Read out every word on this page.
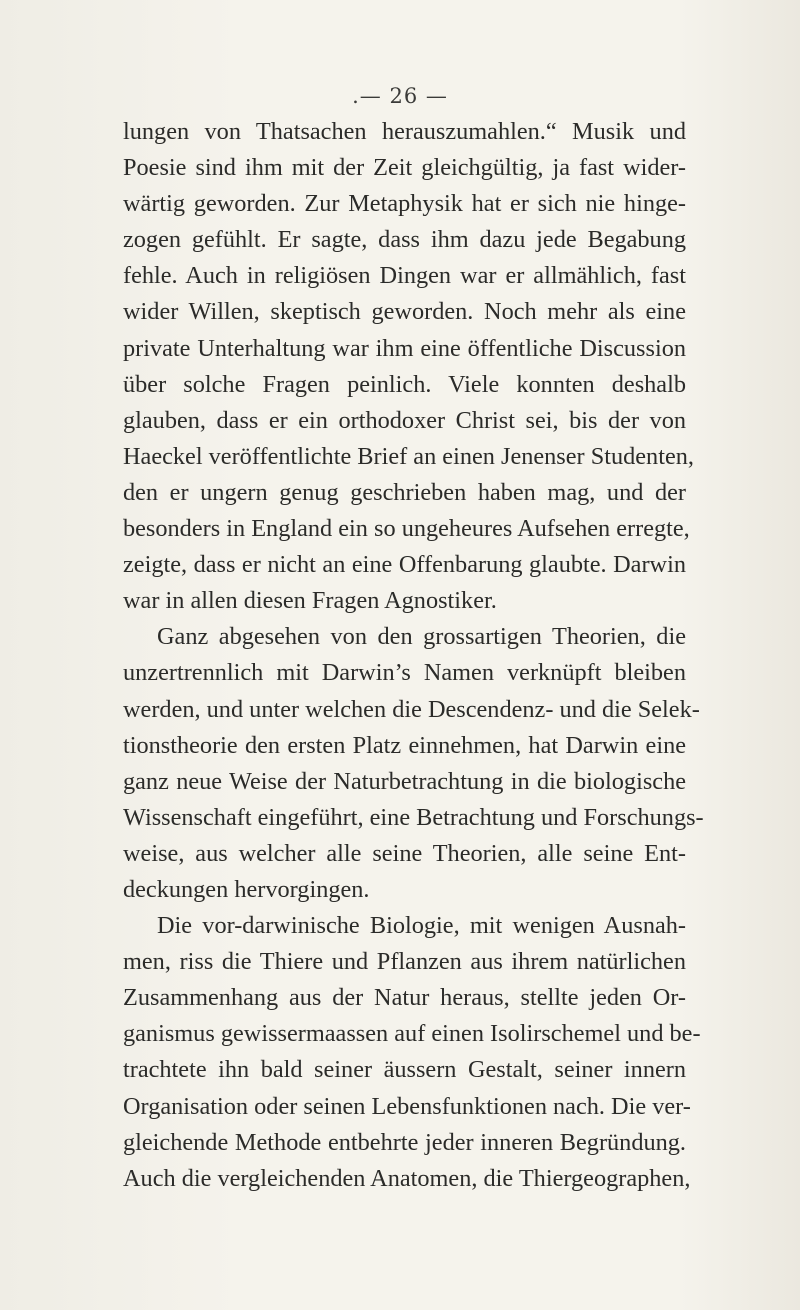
.— 26 —
lungen von Thatsachen herauszumahlen.“ Musik und
Poesie sind ihm mit der Zeit gleichgültig, ja fast wider-
wärtig geworden. Zur Metaphysik hat er sich nie hinge-
zogen gefühlt. Er sagte, dass ihm dazu jede Begabung
fehle. Auch in religiösen Dingen war er allmählich, fast
wider Willen, skeptisch geworden. Noch mehr als eine
private Unterhaltung war ihm eine öffentliche Discussion
über solche Fragen peinlich. Viele konnten deshalb
glauben, dass er ein orthodoxer Christ sei, bis der von
Haeckel veröffentlichte Brief an einen Jenenser Studenten,
den er ungern genug geschrieben haben mag, und der
besonders in England ein so ungeheures Aufsehen erregte,
zeigte, dass er nicht an eine Offenbarung glaubte. Darwin
war in allen diesen Fragen Agnostiker.
Ganz abgesehen von den grossartigen Theorien, die
unzertrennlich mit Darwin’s Namen verknüpft bleiben
werden, und unter welchen die Descendenz- und die Selek-
tionstheorie den ersten Platz einnehmen, hat Darwin eine
ganz neue Weise der Naturbetrachtung in die biologische
Wissenschaft eingeführt, eine Betrachtung und Forschungs-
weise, aus welcher alle seine Theorien, alle seine Ent-
deckungen hervorgingen.
Die vor-darwinische Biologie, mit wenigen Ausnah-
men, riss die Thiere und Pflanzen aus ihrem natürlichen
Zusammenhang aus der Natur heraus, stellte jeden Or-
ganismus gewissermaassen auf einen Isolirschemel und be-
trachtete ihn bald seiner äussern Gestalt, seiner innern
Organisation oder seinen Lebensfunktionen nach. Die ver-
gleichende Methode entbehrte jeder inneren Begründung.
Auch die vergleichenden Anatomen, die Thiergeographen,
